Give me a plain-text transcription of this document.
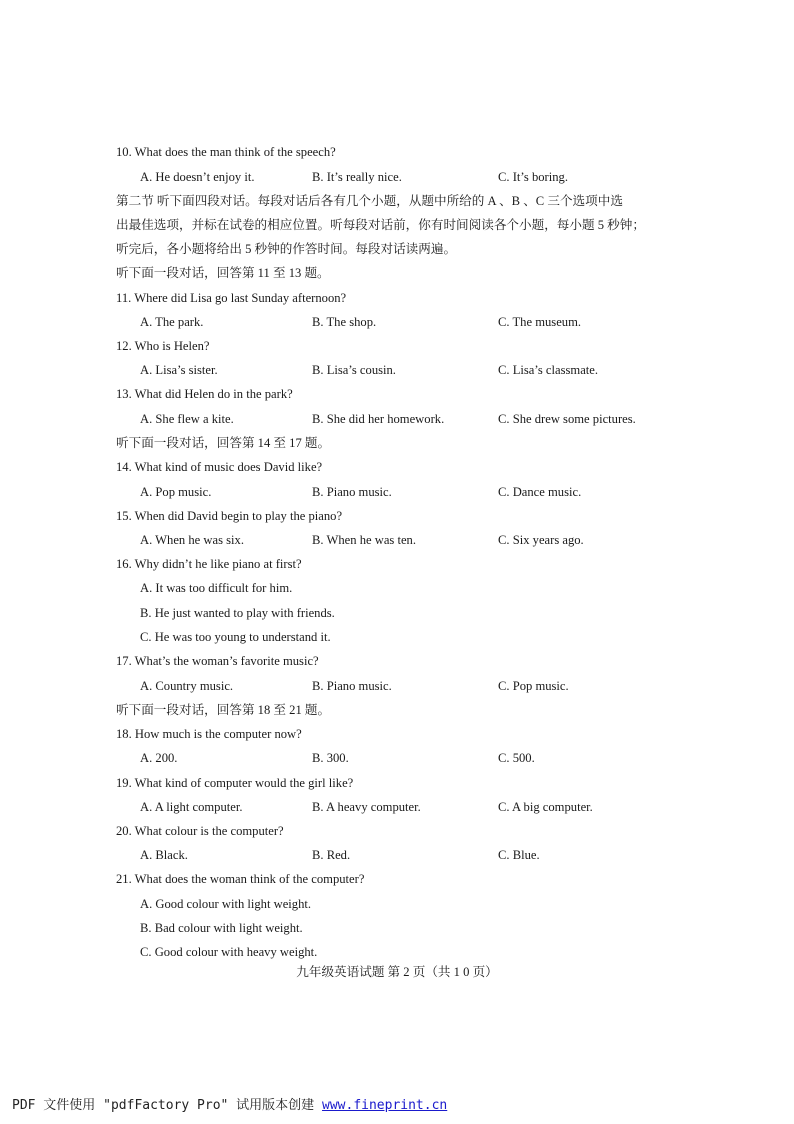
10. What does the man think of the speech?
A. He doesn’t enjoy it.	B. It’s really nice.	C. It’s boring.
第二节 听下面四段对话。每段对话后各有几个小题，从题中所给的 A 、B 、C 三个选项中选
出最佳选项，并标在试卷的相应位置。听每段对话前，你有时间阅读各个小题，每小题 5 秒钟；
听完后，各小题将给出 5 秒钟的作答时间。每段对话读两遍。
听下面一段对话，回答第 11 至 13 题。
11. Where did Lisa go last Sunday afternoon?
A. The park.	B. The shop.	C. The museum.
12. Who is Helen?
A. Lisa’s sister.	B. Lisa’s cousin.	C. Lisa’s classmate.
13. What did Helen do in the park?
A. She flew a kite.	B. She did her homework.	C. She drew some pictures.
听下面一段对话，回答第 14 至 17 题。
14. What kind of music does David like?
A. Pop music.	B. Piano music.	C. Dance music.
15. When did David begin to play the piano?
A. When he was six.	B. When he was ten.	C. Six years ago.
16. Why didn’t he like piano at first?
A. It was too difficult for him.
B. He just wanted to play with friends.
C. He was too young to understand it.
17. What’s the woman’s favorite music?
A. Country music.	B. Piano music.	C. Pop music.
听下面一段对话，回答第 18 至 21 题。
18. How much is the computer now?
A. 200.	B. 300.	C. 500.
19. What kind of computer would the girl like?
A. A light computer.	B. A heavy computer.	C. A big computer.
20. What colour is the computer?
A. Black.	B. Red.	C. Blue.
21. What does the woman think of the computer?
A. Good colour with light weight.
B. Bad colour with light weight.
C. Good colour with heavy weight.
九年级英语试题 第 2 页（共 1 0 页）
PDF 文件使用 "pdfFactory Pro" 试用版本创建 www.fineprint.cn
